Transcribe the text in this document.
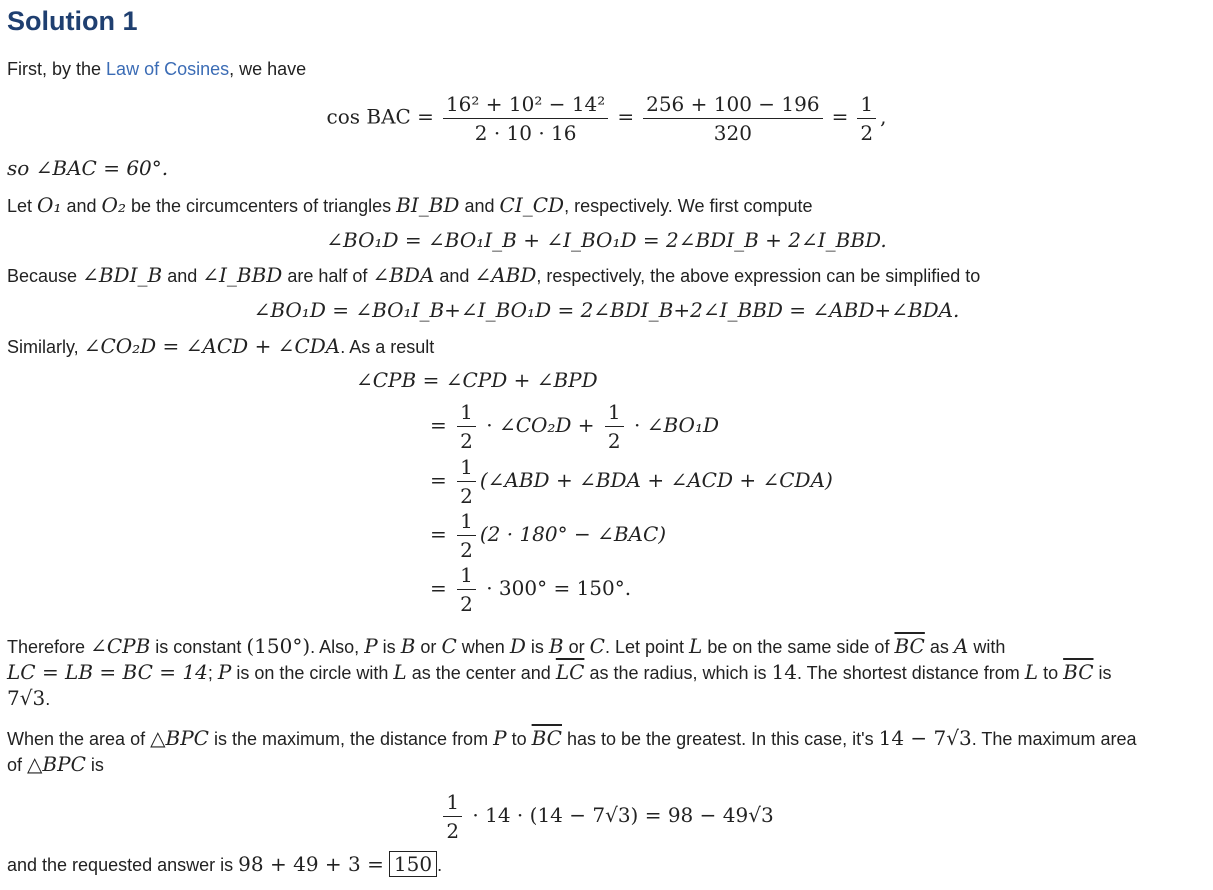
Solution 1
First, by the Law of Cosines, we have
cos BAC = $\frac{\text{16² + 10² − 14²}}{2 \cdot 10 \cdot 16} = \frac{256 + 100 - 196}{320} = \frac{1}{2}$ ,
so ∠BAC = 60°.
Let O₁ and O₂ be the circumcenters of triangles BI_BD and CI_CD, respectively. We first compute
∠BO₁D = ∠BO₁I_B + ∠I_BO₁D = 2∠BDI_B + 2∠I_BBD.
Because ∠BDI_B and ∠I_BBD are half of ∠BDA and ∠ABD, respectively, the above expression can be simplified to
∠BO₁D = ∠BO₁I_B+∠I_BO₁D = 2∠BDI_B+2∠I_BBD = ∠ABD+∠BDA.
Similarly, ∠CO₂D = ∠ACD + ∠CDA. As a result
∠CPB = ∠CPD + ∠BPD
= $\frac{1}{2}$ · ∠CO₂D + $\frac{1}{2}$ · ∠BO₁D
= $\frac{1}{2}$ (∠ABD + ∠BDA + ∠ACD + ∠CDA)
= $\frac{1}{2} (2 \cdot 180^\circ$ − ∠BAC)
= $\frac{1}{2} \cdot 300^\circ = 150^\circ$.
Therefore ∠CPB is constant (150°). Also, P is B or C when D is B or C. Let point L be on the same side of $\overline{BC}$ as A with
LC = LB = BC = 14; P is on the circle with L as the center and $\overline{LC}$ as the radius, which is 14. The shortest distance from L to $\overline{BC}$ is
7√3.
When the area of △BPC is the maximum, the distance from P to $\overline{BC}$ has to be the greatest. In this case, it's 14 − 7√3. The maximum area
of △BPC is
$\frac{1}{2} \cdot 14 \cdot (14 - 7√3) = 98 - 49√3$
and the requested answer is 98 + 49 + 3 = 150 .
